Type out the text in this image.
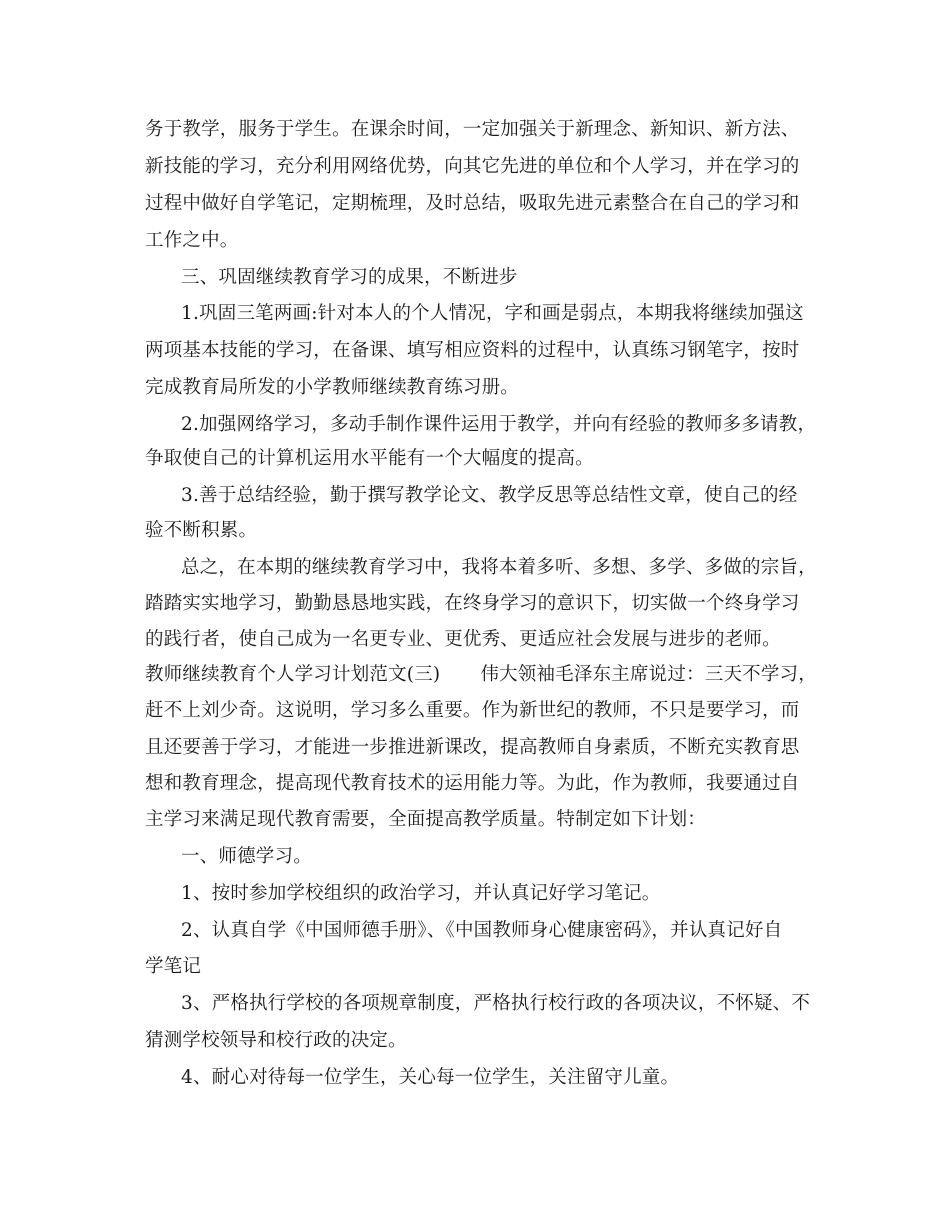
务于教学，服务于学生。在课余时间，一定加强关于新理念、新知识、新方法、
新技能的学习，充分利用网络优势，向其它先进的单位和个人学习，并在学习的
过程中做好自学笔记，定期梳理，及时总结，吸取先进元素整合在自己的学习和
工作之中。
三、巩固继续教育学习的成果，不断进步
1.巩固三笔两画:针对本人的个人情况，字和画是弱点，本期我将继续加强这
两项基本技能的学习，在备课、填写相应资料的过程中，认真练习钢笔字，按时
完成教育局所发的小学教师继续教育练习册。
2.加强网络学习，多动手制作课件运用于教学，并向有经验的教师多多请教，
争取使自己的计算机运用水平能有一个大幅度的提高。
3.善于总结经验，勤于撰写教学论文、教学反思等总结性文章，使自己的经
验不断积累。
总之，在本期的继续教育学习中，我将本着多听、多想、多学、多做的宗旨，
踏踏实实地学习，勤勤恳恳地实践，在终身学习的意识下，切实做一个终身学习
的践行者，使自己成为一名更专业、更优秀、更适应社会发展与进步的老师。
教师继续教育个人学习计划范文(三) 伟大领袖毛泽东主席说过：三天不学习，
赶不上刘少奇。这说明，学习多么重要。作为新世纪的教师，不只是要学习，而
且还要善于学习，才能进一步推进新课改，提高教师自身素质，不断充实教育思
想和教育理念，提高现代教育技术的运用能力等。为此，作为教师，我要通过自
主学习来满足现代教育需要，全面提高教学质量。特制定如下计划：
一、师德学习。
1、按时参加学校组织的政治学习，并认真记好学习笔记。
2、认真自学《中国师德手册》、《中国教师身心健康密码》，并认真记好自
学笔记
3、严格执行学校的各项规章制度，严格执行校行政的各项决议，不怀疑、不
猜测学校领导和校行政的决定。
4、耐心对待每一位学生，关心每一位学生，关注留守儿童。
